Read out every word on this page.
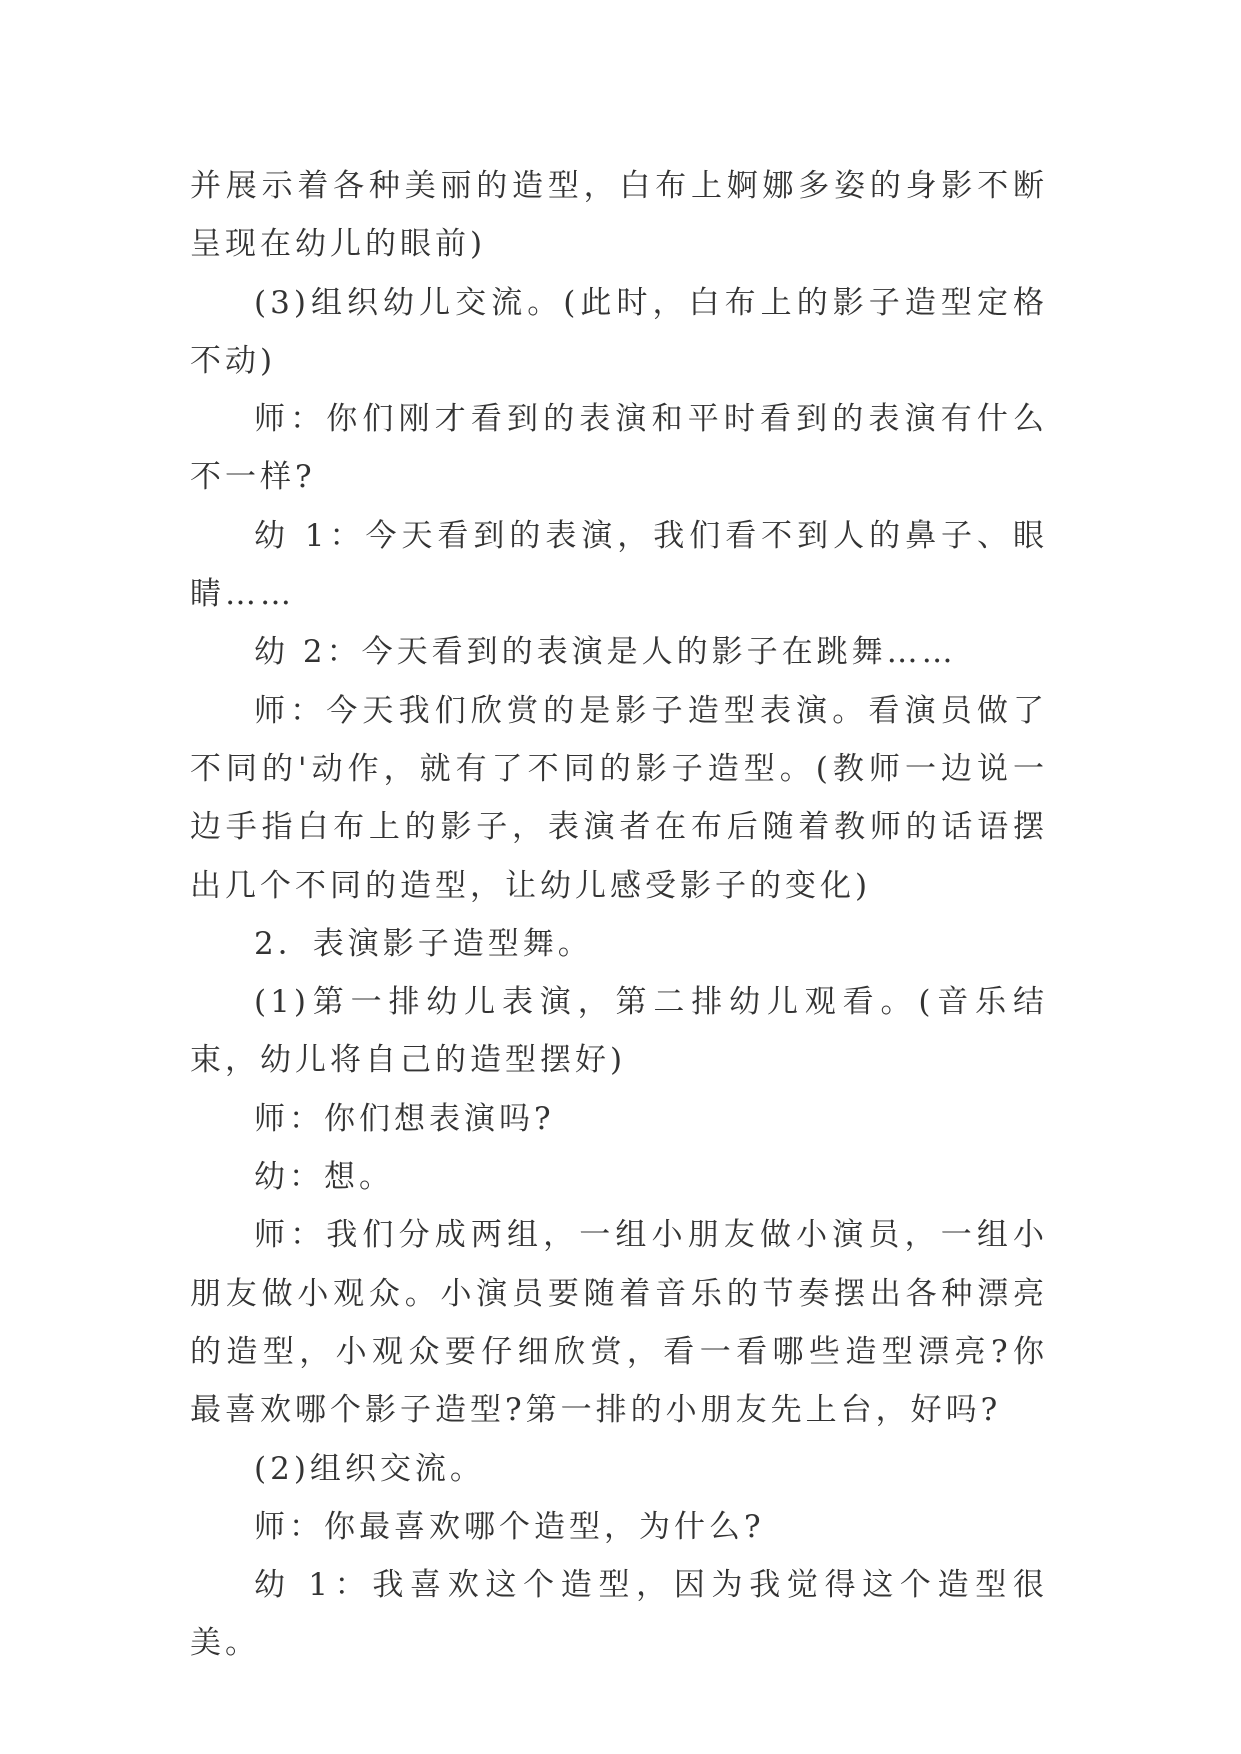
并展示着各种美丽的造型，白布上婀娜多姿的身影不断呈现在幼儿的眼前)

(3)组织幼儿交流。(此时，白布上的影子造型定格不动)

师：你们刚才看到的表演和平时看到的表演有什么不一样?

幼 1：今天看到的表演，我们看不到人的鼻子、眼睛……

幼 2：今天看到的表演是人的影子在跳舞……

师：今天我们欣赏的是影子造型表演。看演员做了不同的'动作，就有了不同的影子造型。(教师一边说一边手指白布上的影子，表演者在布后随着教师的话语摆出几个不同的造型，让幼儿感受影子的变化)

2．表演影子造型舞。

(1)第一排幼儿表演，第二排幼儿观看。(音乐结束，幼儿将自己的造型摆好)

师：你们想表演吗?

幼：想。

师：我们分成两组，一组小朋友做小演员，一组小朋友做小观众。小演员要随着音乐的节奏摆出各种漂亮的造型，小观众要仔细欣赏，看一看哪些造型漂亮?你最喜欢哪个影子造型?第一排的小朋友先上台，好吗?

(2)组织交流。

师：你最喜欢哪个造型，为什么?

幼 1：我喜欢这个造型，因为我觉得这个造型很美。
